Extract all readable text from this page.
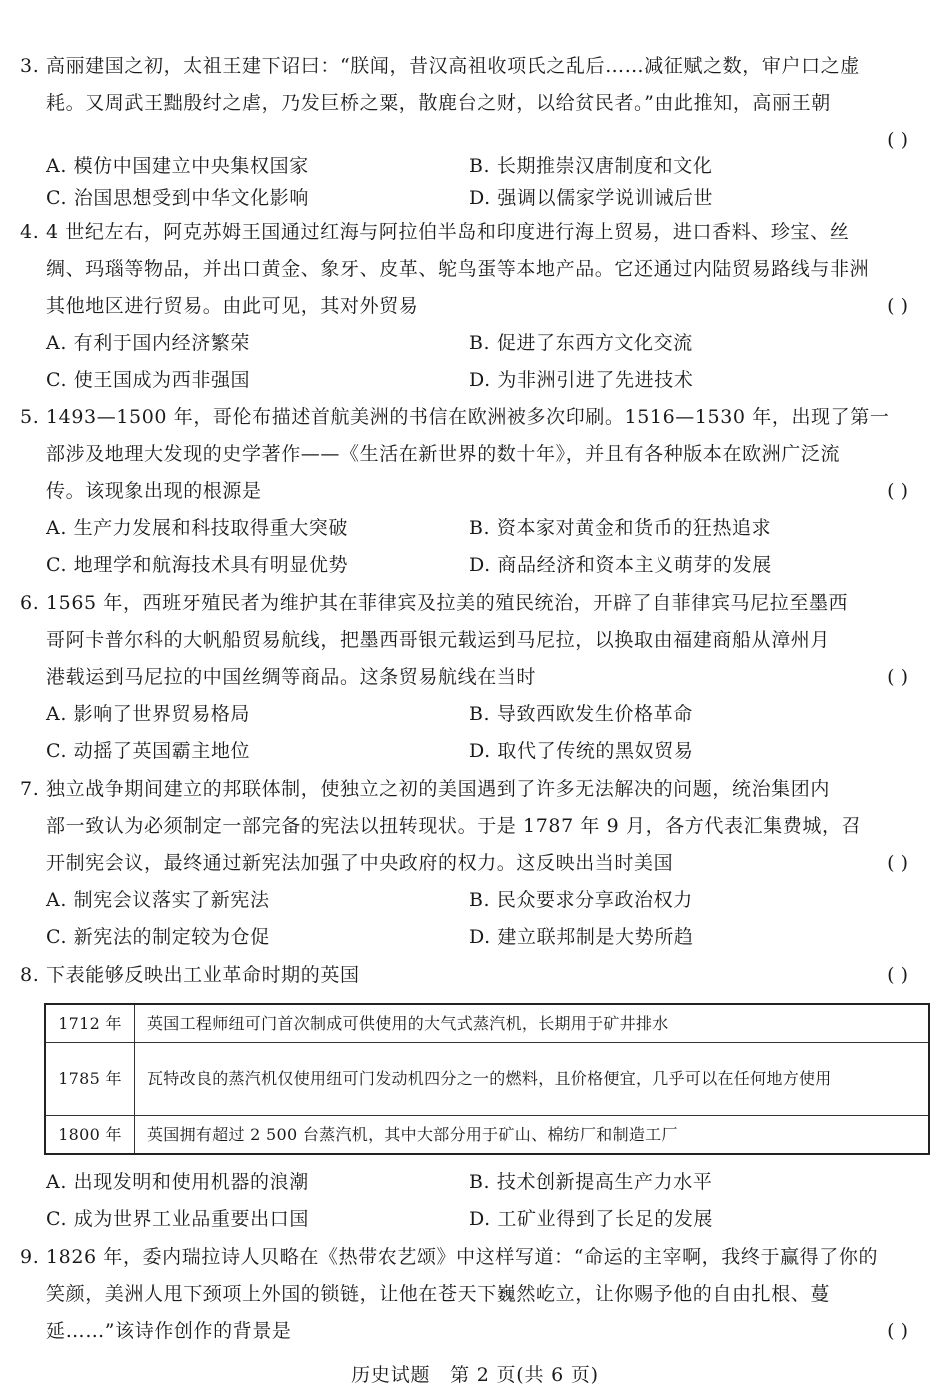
3. 高丽建国之初，太祖王建下诏曰：“朕闻，昔汉高祖收项氏之乱后……减征赋之数，审户口之虚
耗。又周武王黜殷纣之虐，乃发巨桥之粟，散鹿台之财，以给贫民者。”由此推知，高丽王朝
( )
A. 模仿中国建立中央集权国家	B. 长期推崇汉唐制度和文化
C. 治国思想受到中华文化影响	D. 强调以儒家学说训诫后世
4. 4 世纪左右，阿克苏姆王国通过红海与阿拉伯半岛和印度进行海上贸易，进口香料、珍宝、丝
绸、玛瑙等物品，并出口黄金、象牙、皮革、鸵鸟蛋等本地产品。它还通过内陆贸易路线与非洲
其他地区进行贸易。由此可见，其对外贸易	( )
A. 有利于国内经济繁荣	B. 促进了东西方文化交流
C. 使王国成为西非强国	D. 为非洲引进了先进技术
5. 1493—1500 年，哥伦布描述首航美洲的书信在欧洲被多次印刷。1516—1530 年，出现了第一
部涉及地理大发现的史学著作——《生活在新世界的数十年》，并且有各种版本在欧洲广泛流
传。该现象出现的根源是	( )
A. 生产力发展和科技取得重大突破	B. 资本家对黄金和货币的狂热追求
C. 地理学和航海技术具有明显优势	D. 商品经济和资本主义萌芽的发展
6. 1565 年，西班牙殖民者为维护其在菲律宾及拉美的殖民统治，开辟了自菲律宾马尼拉至墨西
哥阿卡普尔科的大帆船贸易航线，把墨西哥银元载运到马尼拉，以换取由福建商船从漳州月
港载运到马尼拉的中国丝绸等商品。这条贸易航线在当时	( )
A. 影响了世界贸易格局	B. 导致西欧发生价格革命
C. 动摇了英国霸主地位	D. 取代了传统的黑奴贸易
7. 独立战争期间建立的邦联体制，使独立之初的美国遇到了许多无法解决的问题，统治集团内
部一致认为必须制定一部完备的宪法以扭转现状。于是 1787 年 9 月，各方代表汇集费城，召
开制宪会议，最终通过新宪法加强了中央政府的权力。这反映出当时美国	( )
A. 制宪会议落实了新宪法	B. 民众要求分享政治权力
C. 新宪法的制定较为仓促	D. 建立联邦制是大势所趋
8. 下表能够反映出工业革命时期的英国	( )
1712 年	英国工程师纽可门首次制成可供使用的大气式蒸汽机，长期用于矿井排水
1785 年	瓦特改良的蒸汽机仅使用纽可门发动机四分之一的燃料，且价格便宜，几乎可以在任何地方使用
1800 年	英国拥有超过 2 500 台蒸汽机，其中大部分用于矿山、棉纺厂和制造工厂
A. 出现发明和使用机器的浪潮	B. 技术创新提高生产力水平
C. 成为世界工业品重要出口国	D. 工矿业得到了长足的发展
9. 1826 年，委内瑞拉诗人贝略在《热带农艺颂》中这样写道：“命运的主宰啊，我终于赢得了你的
笑颜，美洲人甩下颈项上外国的锁链，让他在苍天下巍然屹立，让你赐予他的自由扎根、蔓
延……”该诗作创作的背景是	( )
历史试题　第 2 页(共 6 页)
